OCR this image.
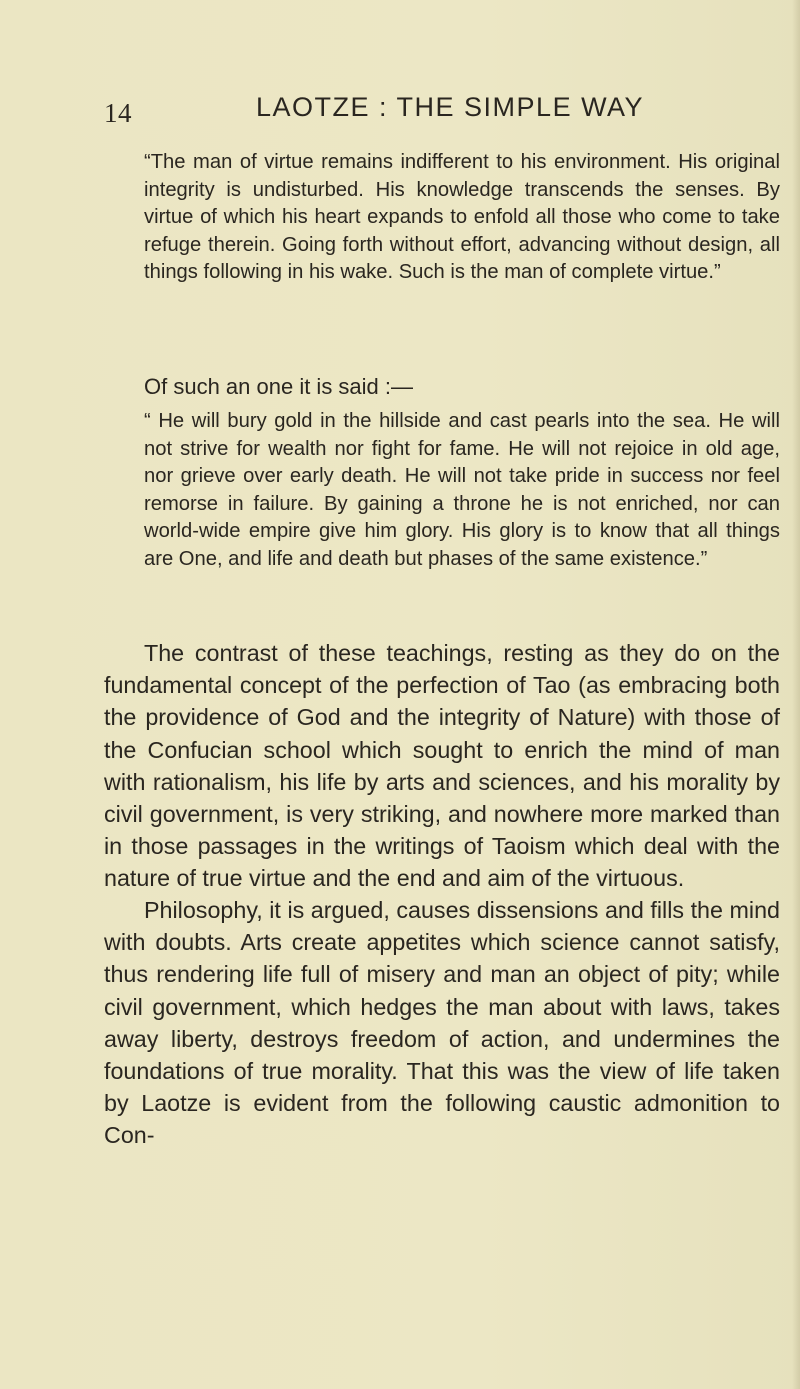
14	LAOTZE : THE SIMPLE WAY

“The man of virtue remains indifferent to his environment. His original integrity is undisturbed. His knowledge transcends the senses. By virtue of which his heart expands to enfold all those who come to take refuge therein. Going forth without effort, advancing without design, all things following in his wake. Such is the man of complete virtue.”

Of such an one it is said :—

“ He will bury gold in the hillside and cast pearls into the sea. He will not strive for wealth nor fight for fame. He will not rejoice in old age, nor grieve over early death. He will not take pride in success nor feel remorse in failure. By gaining a throne he is not enriched, nor can world-wide empire give him glory. His glory is to know that all things are One, and life and death but phases of the same existence.”

The contrast of these teachings, resting as they do on the fundamental concept of the perfection of Tao (as embracing both the providence of God and the integrity of Nature) with those of the Confucian school which sought to enrich the mind of man with rationalism, his life by arts and sciences, and his morality by civil government, is very striking, and nowhere more marked than in those passages in the writings of Taoism which deal with the nature of true virtue and the end and aim of the virtuous.

Philosophy, it is argued, causes dissensions and fills the mind with doubts. Arts create appetites which science cannot satisfy, thus rendering life full of misery and man an object of pity; while civil government, which hedges the man about with laws, takes away liberty, destroys freedom of action, and undermines the foundations of true morality. That this was the view of life taken by Laotze is evident from the following caustic admonition to Con-
